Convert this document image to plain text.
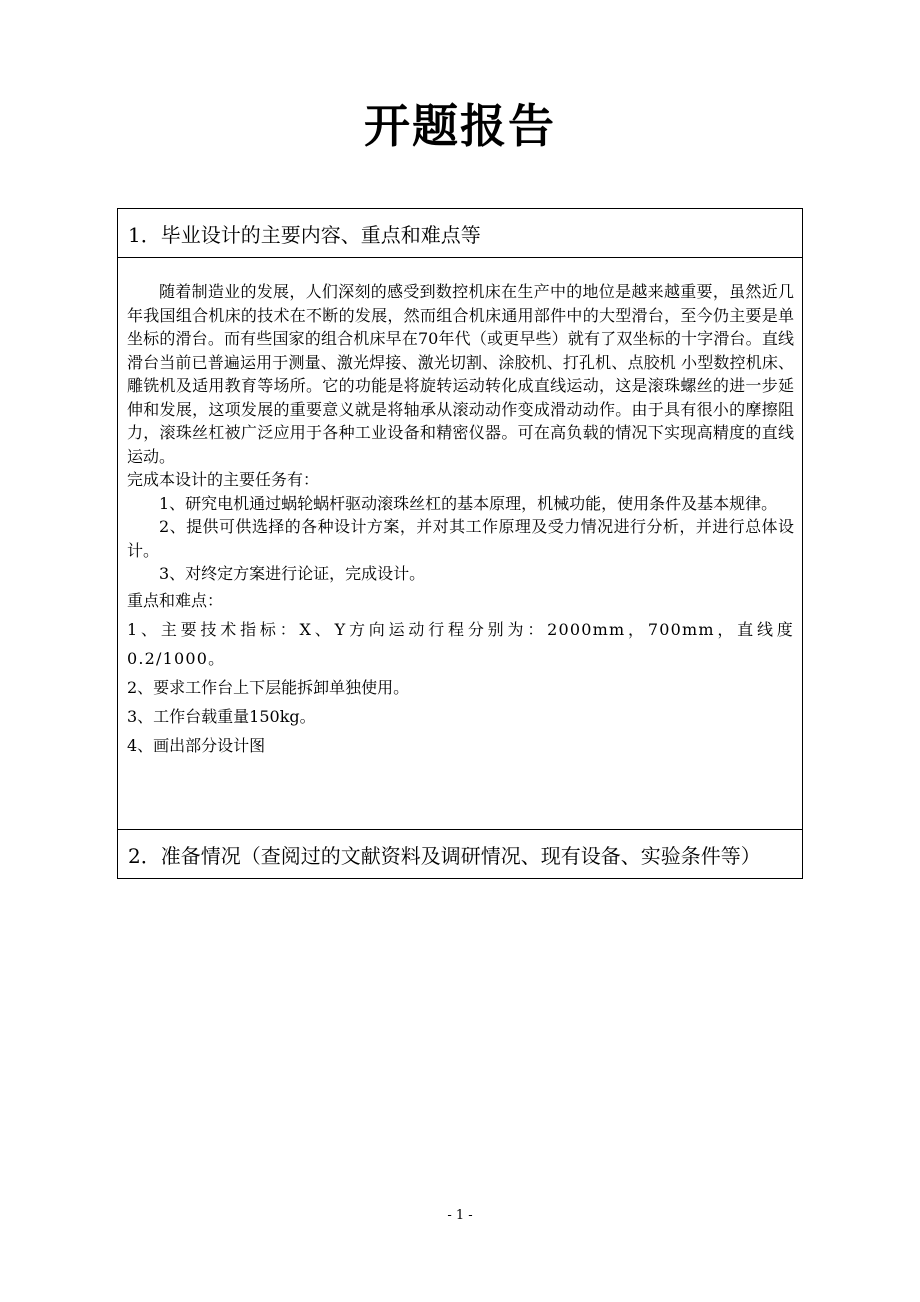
开题报告
1．毕业设计的主要内容、重点和难点等

随着制造业的发展，人们深刻的感受到数控机床在生产中的地位是越来越重要，虽然近几年我国组合机床的技术在不断的发展，然而组合机床通用部件中的大型滑台，至今仍主要是单坐标的滑台。而有些国家的组合机床早在70年代（或更早些）就有了双坐标的十字滑台。直线滑台当前已普遍运用于测量、激光焊接、激光切割、涂胶机、打孔机、点胶机 小型数控机床、雕铣机及适用教育等场所。它的功能是将旋转运动转化成直线运动，这是滚珠螺丝的进一步延伸和发展，这项发展的重要意义就是将轴承从滚动动作变成滑动动作。由于具有很小的摩擦阻力，滚珠丝杠被广泛应用于各种工业设备和精密仪器。可在高负载的情况下实现高精度的直线运动。

完成本设计的主要任务有：

1、研究电机通过蜗轮蜗杆驱动滚珠丝杠的基本原理，机械功能，使用条件及基本规律。

2、提供可供选择的各种设计方案，并对其工作原理及受力情况进行分析，并进行总体设计。

3、对终定方案进行论证，完成设计。

重点和难点：

1、主要技术指标：X、Y方向运动行程分别为：2000mm，700mm，直线度0.2/1000。

2、要求工作台上下层能拆卸单独使用。

3、工作台载重量150kg。

4、画出部分设计图

2．准备情况（查阅过的文献资料及调研情况、现有设备、实验条件等）
- 1 -
